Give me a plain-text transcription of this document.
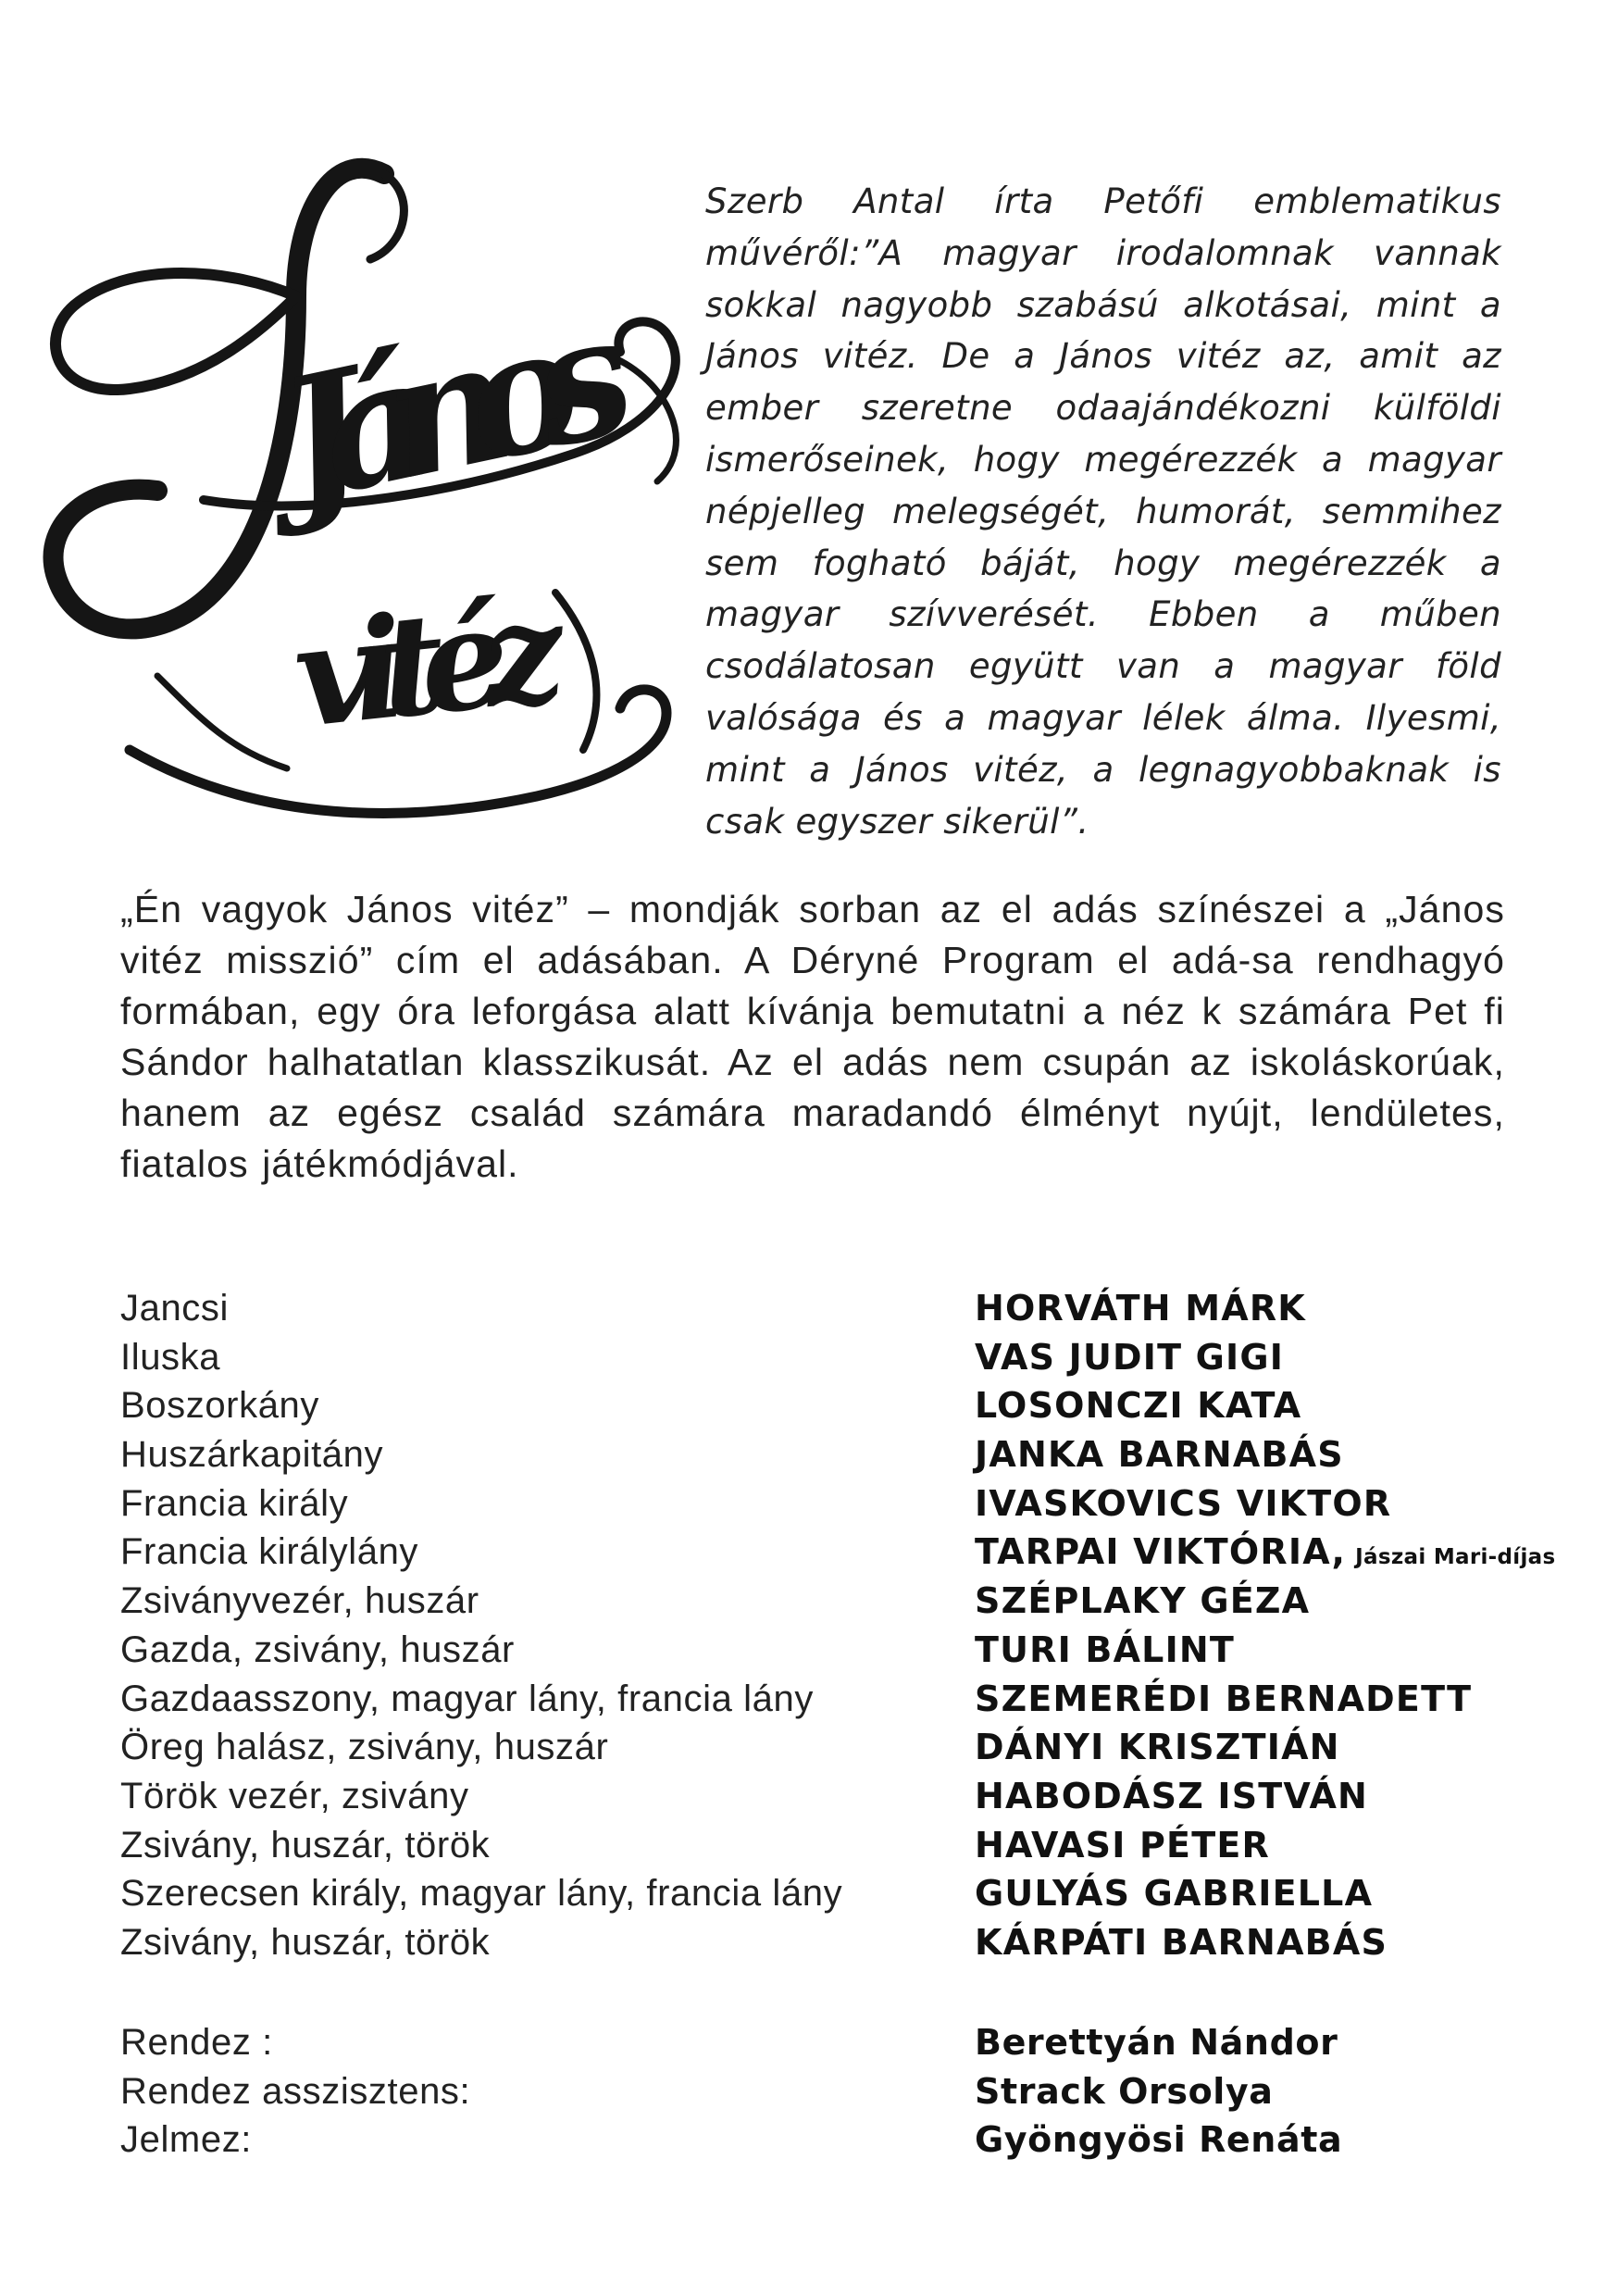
János
vitéz

Szerb Antal írta Petőfi emblematikus művéről:”A magyar irodalomnak vannak sokkal nagyobb szabású alkotásai, mint a János vitéz. De a János vitéz az, amit az ember szeretne odaajándékozni külföldi ismerőseinek, hogy megérezzék a magyar népjelleg melegségét, humorát, semmihez sem fogható báját, hogy megérezzék a magyar szívverését. Ebben a műben csodálatosan együtt van a magyar föld valósága és a magyar lélek álma. Ilyesmi, mint a János vitéz, a legnagyobbaknak is csak egyszer sikerül”.

„Én vagyok János vitéz” – mondják sorban az el adás színészei a „János vitéz misszió” cím el adásában. A Déryné Program el adá-sa rendhagyó formában, egy óra leforgása alatt kívánja bemutatni a néz k számára Pet fi Sándor halhatatlan klasszikusát. Az el adás nem csupán az iskoláskorúak, hanem az egész család számára maradandó élményt nyújt, lendületes, fiatalos játékmódjával.

Jancsi	HORVÁTH MÁRK
Iluska	VAS JUDIT GIGI
Boszorkány	LOSONCZI KATA
Huszárkapitány	JANKA BARNABÁS
Francia király	IVASKOVICS VIKTOR
Francia királylány	TARPAI VIKTÓRIA, Jászai Mari-díjas
Zsiványvezér, huszár	SZÉPLAKY GÉZA
Gazda, zsivány, huszár	TURI BÁLINT
Gazdaasszony, magyar lány, francia lány	SZEMERÉDI BERNADETT
Öreg halász, zsivány, huszár	DÁNYI KRISZTIÁN
Török vezér, zsivány	HABODÁSZ ISTVÁN
Zsivány, huszár, török	HAVASI PÉTER
Szerecsen király, magyar lány, francia lány	GULYÁS GABRIELLA
Zsivány, huszár, török	KÁRPÁTI BARNABÁS
Rendez :	Berettyán Nándor
Rendez asszisztens:	Strack Orsolya
Jelmez:	Gyöngyösi Renáta
